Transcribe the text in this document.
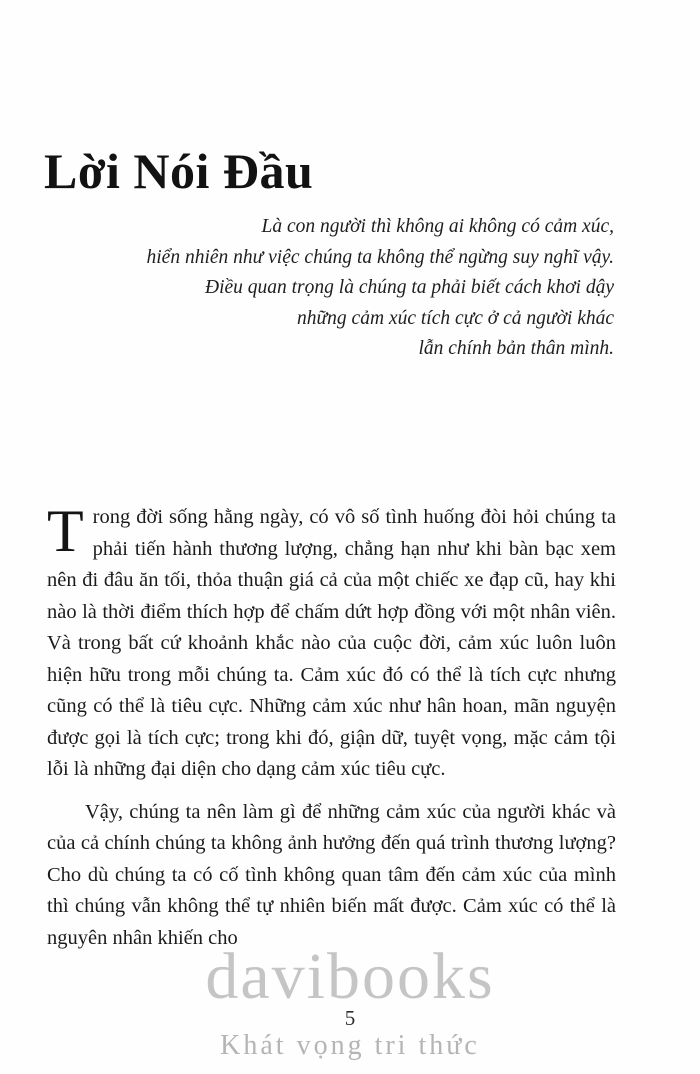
Lời Nói Đầu
Là con người thì không ai không có cảm xúc,
hiển nhiên như việc chúng ta không thể ngừng suy nghĩ vậy.
Điều quan trọng là chúng ta phải biết cách khơi dậy
những cảm xúc tích cực ở cả người khác
lẫn chính bản thân mình.

Trong đời sống hằng ngày, có vô số tình huống đòi hỏi chúng ta phải tiến hành thương lượng, chẳng hạn như khi bàn bạc xem nên đi đâu ăn tối, thỏa thuận giá cả của một chiếc xe đạp cũ, hay khi nào là thời điểm thích hợp để chấm dứt hợp đồng với một nhân viên. Và trong bất cứ khoảnh khắc nào của cuộc đời, cảm xúc luôn luôn hiện hữu trong mỗi chúng ta. Cảm xúc đó có thể là tích cực nhưng cũng có thể là tiêu cực. Những cảm xúc như hân hoan, mãn nguyện được gọi là tích cực; trong khi đó, giận dữ, tuyệt vọng, mặc cảm tội lỗi là những đại diện cho dạng cảm xúc tiêu cực.

Vậy, chúng ta nên làm gì để những cảm xúc của người khác và của cả chính chúng ta không ảnh hưởng đến quá trình thương lượng? Cho dù chúng ta có cố tình không quan tâm đến cảm xúc của mình thì chúng vẫn không thể tự nhiên biến mất được. Cảm xúc có thể là nguyên nhân khiến cho

davibooks
5
Khát vọng tri thức
